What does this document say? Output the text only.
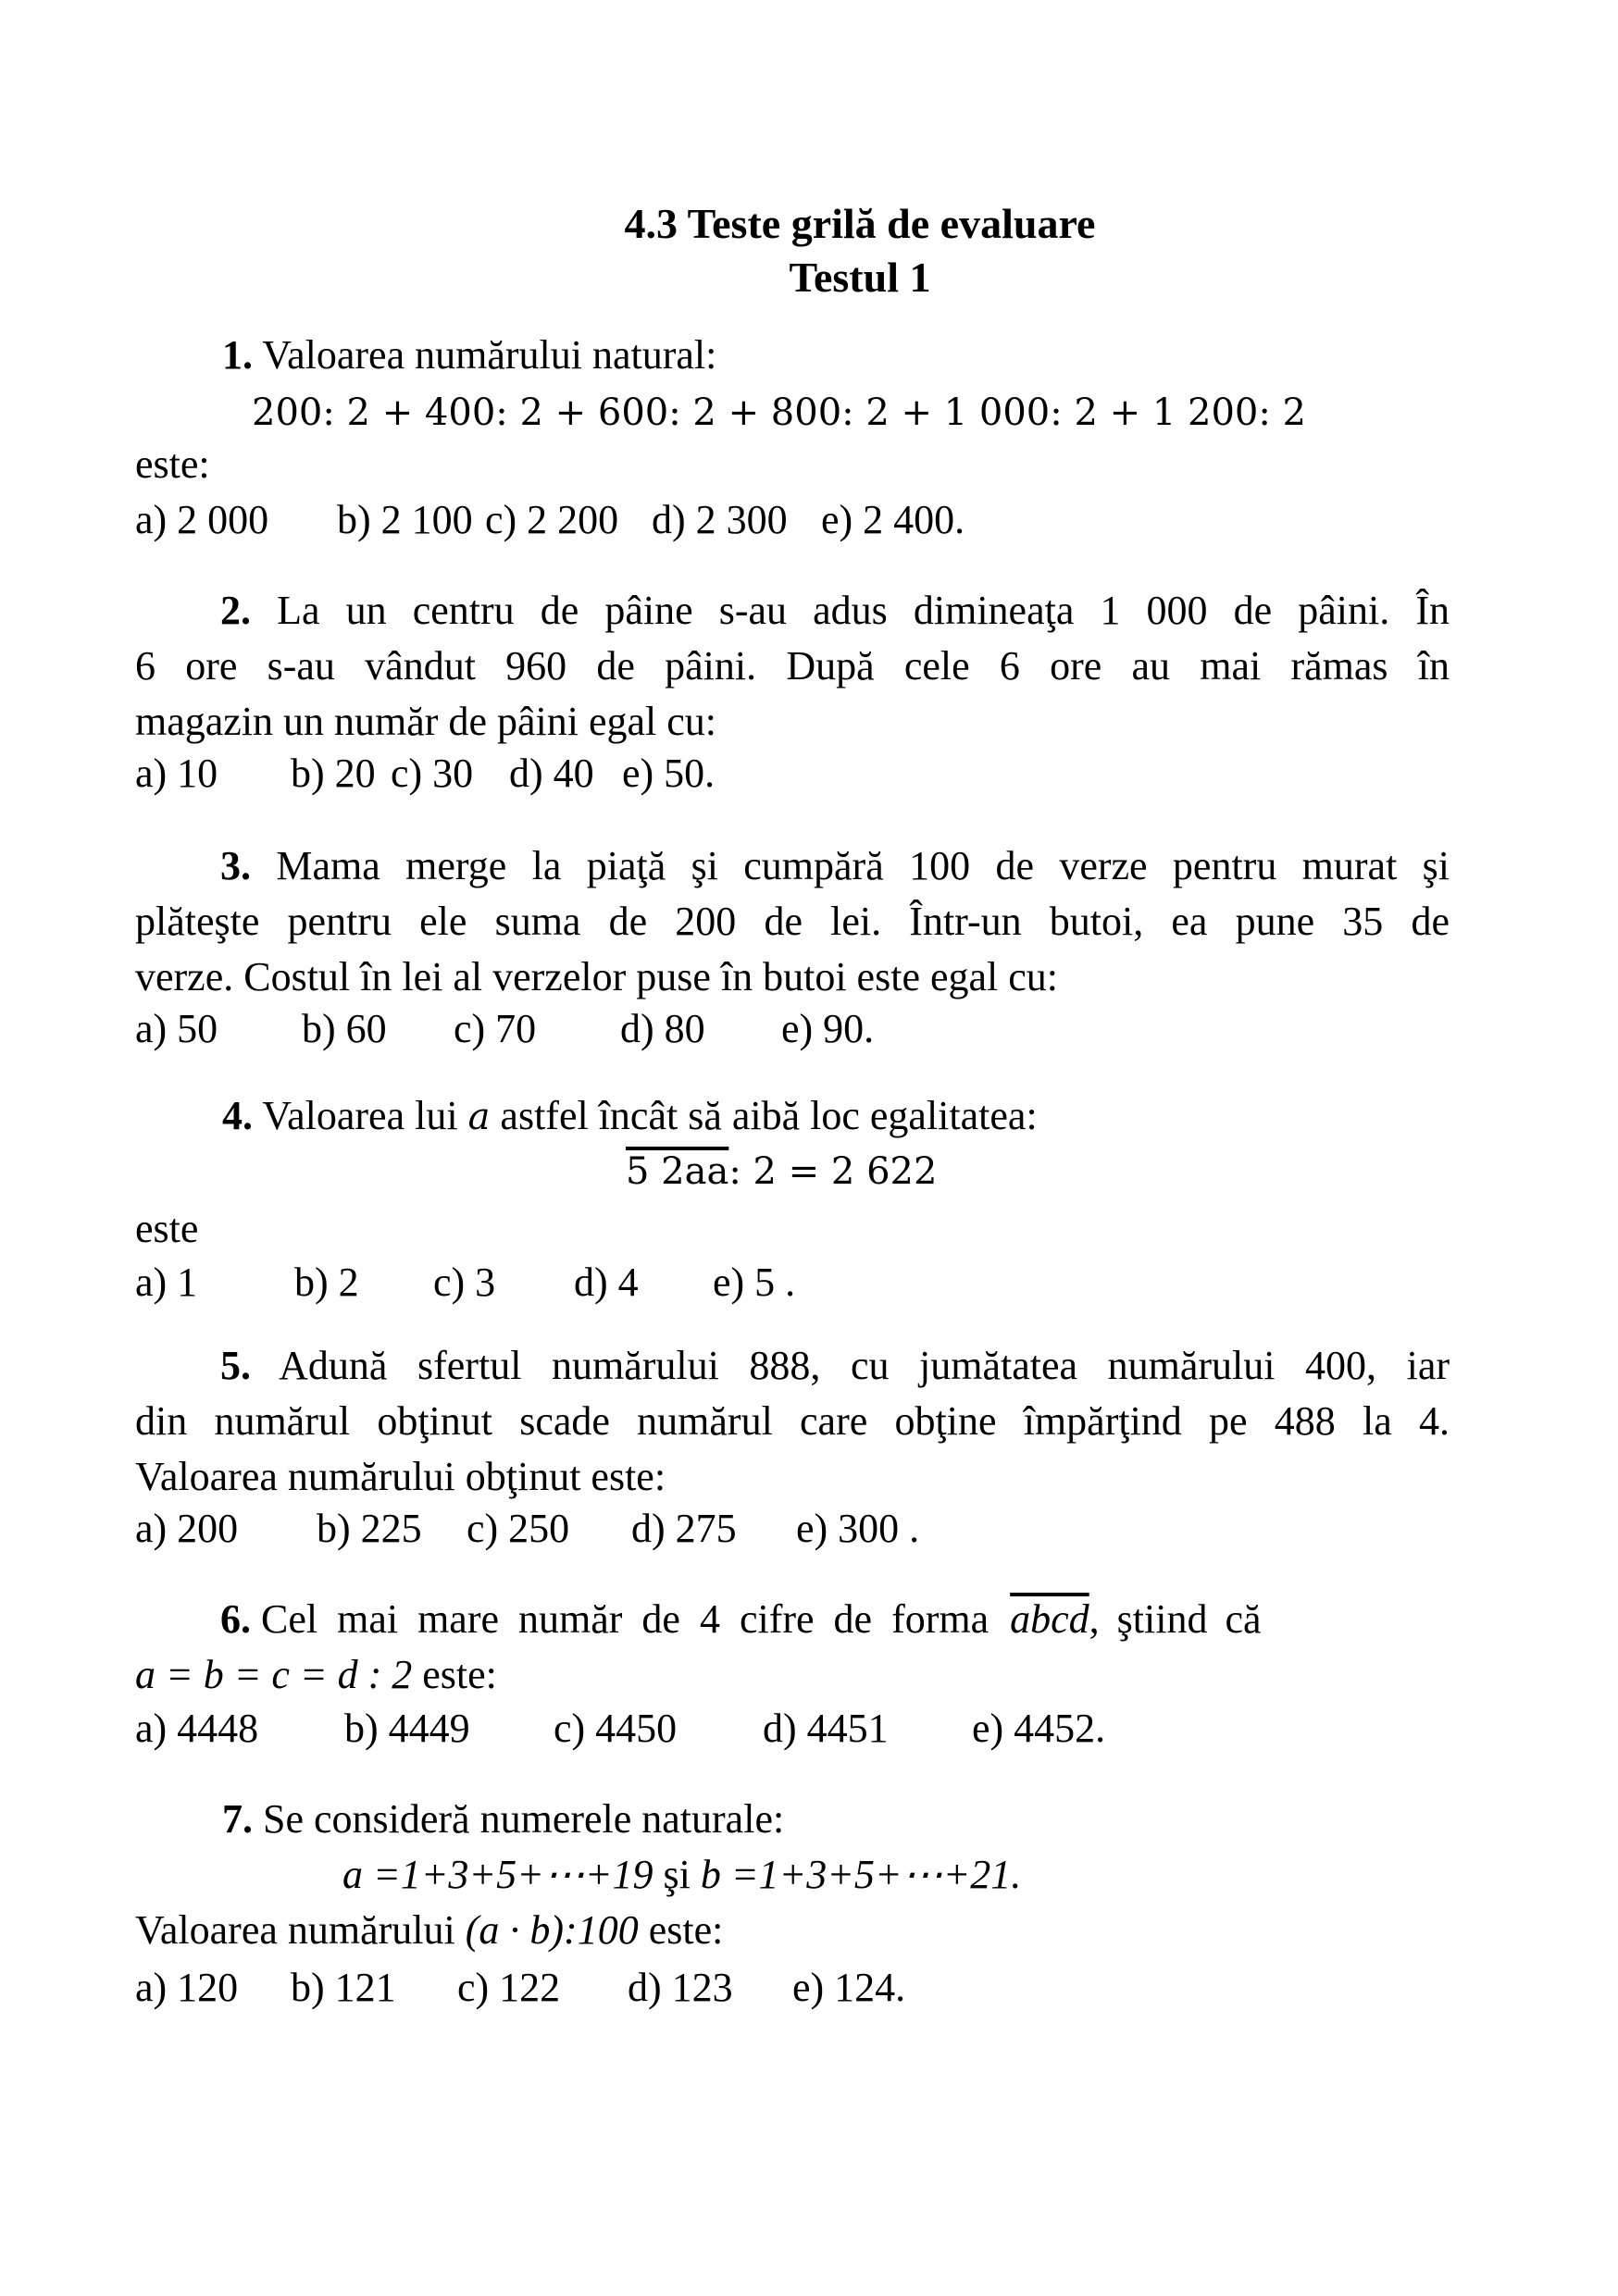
4.3 Teste grilă de evaluare
Testul 1
1. Valoarea numărului natural:
200: 2 + 400: 2 + 600: 2 + 800: 2 + 1 000: 2 + 1 200: 2
este:
a) 2 000 b) 2 100 c) 2 200 d) 2 300 e) 2 400.
2. La un centru de pâine s-au adus dimineaţa 1 000 de pâini. În
6 ore s-au vândut 960 de pâini. După cele 6 ore au mai rămas în
magazin un număr de pâini egal cu:
a) 10 b) 20 c) 30 d) 40 e) 50.
3. Mama merge la piaţă şi cumpără 100 de verze pentru murat şi
plăteşte pentru ele suma de 200 de lei. Într-un butoi, ea pune 35 de
verze. Costul în lei al verzelor puse în butoi este egal cu:
a) 50 b) 60 c) 70 d) 80 e) 90.
4. Valoarea lui a astfel încât să aibă loc egalitatea:
5 2aa: 2 = 2 622
este
a) 1 b) 2 c) 3 d) 4 e) 5 .
5. Adună sfertul numărului 888, cu jumătatea numărului 400, iar
din numărul obţinut scade numărul care obţine împărţind pe 488 la 4.
Valoarea numărului obţinut este:
a) 200 b) 225 c) 250 d) 275 e) 300 .
6. Cel mai mare număr de 4 cifre de forma abcd, ştiind că
a = b = c = d : 2 este:
a) 4448 b) 4449 c) 4450 d) 4451 e) 4452.
7. Se consideră numerele naturale:
a =1+3+5+⋯+19 şi b =1+3+5+⋯+21.
Valoarea numărului (a · b):100 este:
a) 120 b) 121 c) 122 d) 123 e) 124.
